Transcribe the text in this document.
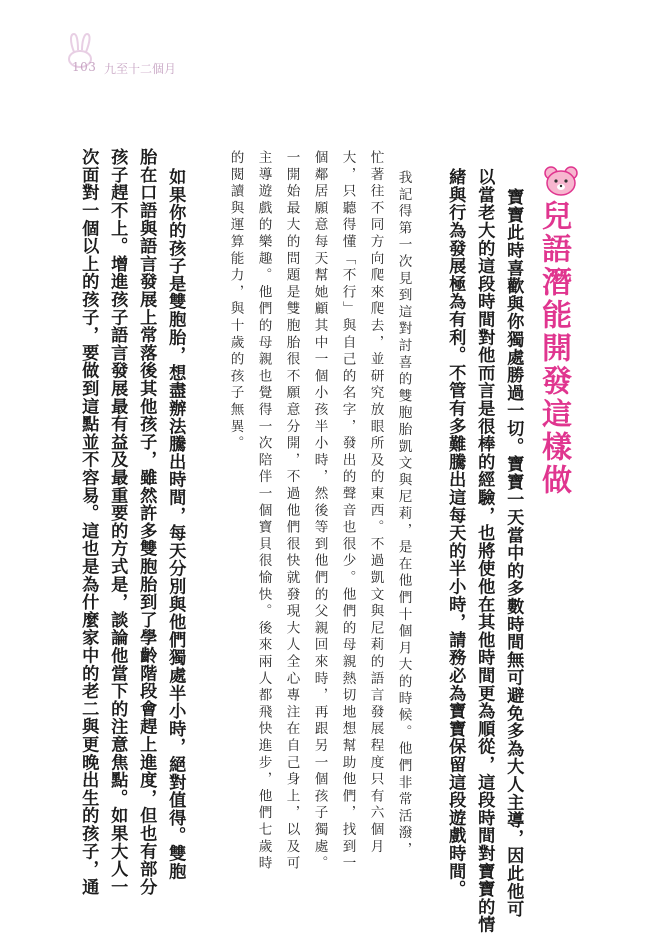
103 九至十二個月
兒語潛能開發這樣做
寶寶此時喜歡與你獨處勝過一切。寶寶一天當中的多數時間無可避免多為大人主導，因此他可
以當老大的這段時間對他而言是很棒的經驗，也將使他在其他時間更為順從，這段時間對寶寶的情
緒與行為發展極為有利。不管有多難騰出這每天的半小時，請務必為寶寶保留這段遊戲時間。
我記得第一次見到這對討喜的雙胞胎凱文與尼莉，是在他們十個月大的時候。他們非常活潑，
忙著往不同方向爬來爬去，並研究放眼所及的東西。不過凱文與尼莉的語言發展程度只有六個月
大，只聽得懂「不行」與自己的名字，發出的聲音也很少。他們的母親熱切地想幫助他們，找到一
個鄰居願意每天幫她顧其中一個小孩半小時，然後等到他們的父親回來時，再跟另一個孩子獨處。
一開始最大的問題是雙胞胎很不願意分開，不過他們很快就發現大人全心專注在自己身上，以及可
主導遊戲的樂趣。他們的母親也覺得一次陪伴一個寶貝很愉快。後來兩人都飛快進步，他們七歲時
的閱讀與運算能力，與十歲的孩子無異。
如果你的孩子是雙胞胎，想盡辦法騰出時間，每天分別與他們獨處半小時，絕對值得。雙胞
胎在口語與語言發展上常落後其他孩子，雖然許多雙胞胎到了學齡階段會趕上進度，但也有部分
孩子趕不上。增進孩子語言發展最有益及最重要的方式是，談論他當下的注意焦點。如果大人一
次面對一個以上的孩子，要做到這點並不容易。這也是為什麼家中的老二與更晚出生的孩子，通
